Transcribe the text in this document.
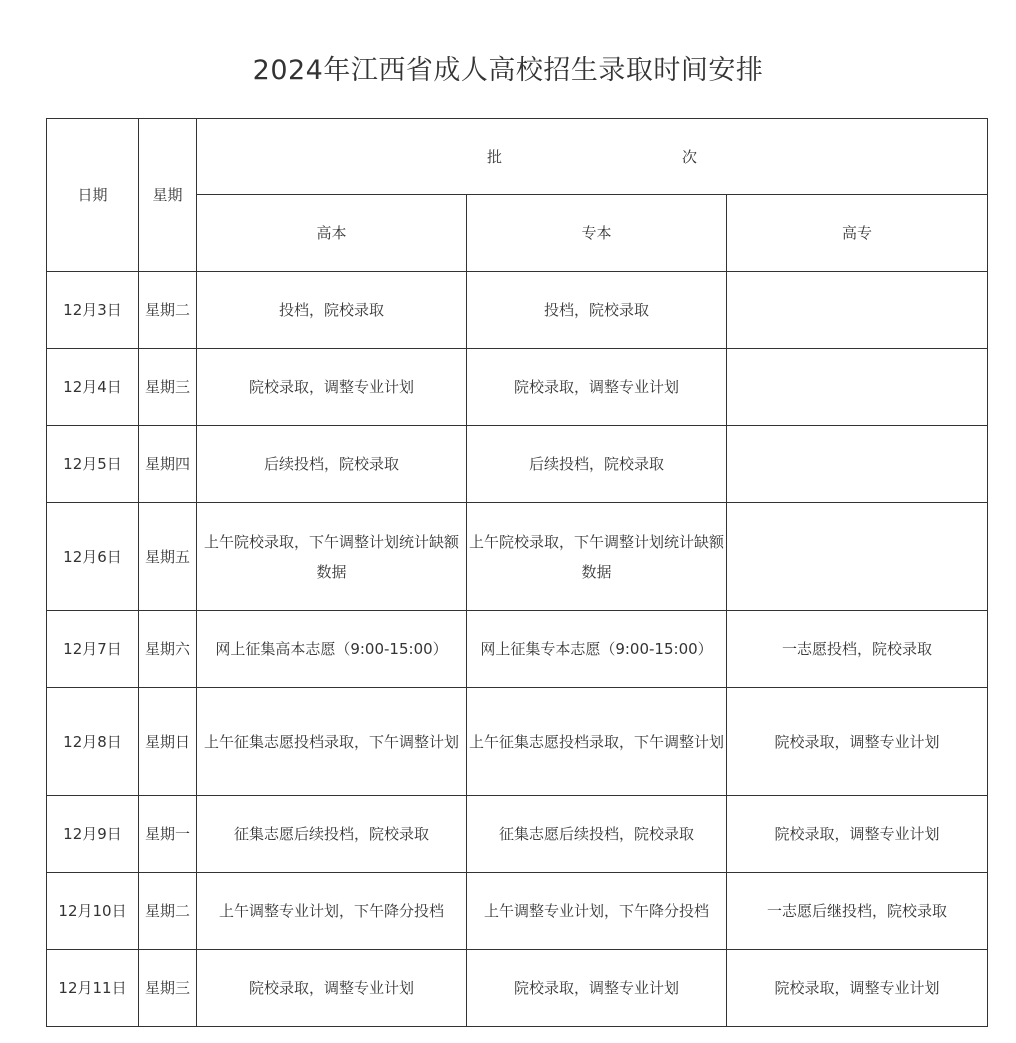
2024年江西省成人高校招生录取时间安排
日期	星期	批 次		

		高本	专本	高专
12月3日	星期二	投档，院校录取	投档，院校录取	
12月4日	星期三	院校录取，调整专业计划	院校录取，调整专业计划	
12月5日	星期四	后续投档，院校录取	后续投档，院校录取	
12月6日	星期五	上午院校录取，下午调整计划统计缺额数据	上午院校录取，下午调整计划统计缺额数据	
12月7日	星期六	网上征集高本志愿（9:00-15:00）	网上征集专本志愿（9:00-15:00）	一志愿投档，院校录取
12月8日	星期日	上午征集志愿投档录取，下午调整计划	上午征集志愿投档录取，下午调整计划	院校录取，调整专业计划
12月9日	星期一	征集志愿后续投档，院校录取	征集志愿后续投档，院校录取	院校录取，调整专业计划
12月10日	星期二	上午调整专业计划，下午降分投档	上午调整专业计划，下午降分投档	一志愿后继投档，院校录取
12月11日	星期三	院校录取，调整专业计划	院校录取，调整专业计划	院校录取，调整专业计划
